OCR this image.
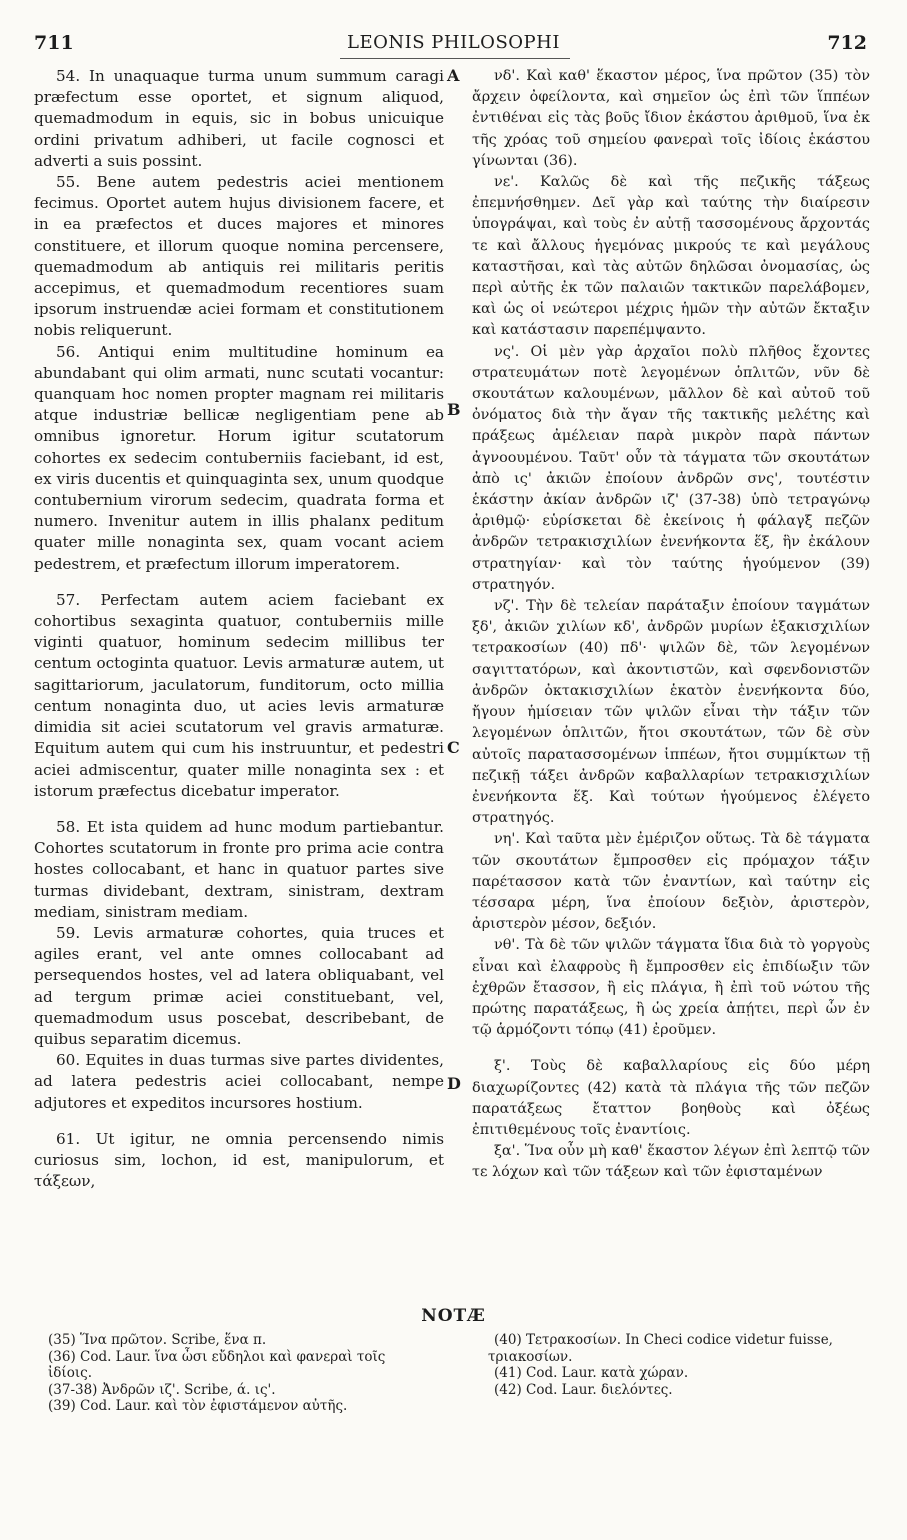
711	LEONIS PHILOSOPHI	712

54. In unaquaque turma unum summum caragi præfectum esse oportet, et signum aliquod, quemadmodum in equis, sic in bobus unicuique ordini privatum adhiberi, ut facile cognosci et adverti a suis possint.

55. Bene autem pedestris aciei mentionem fecimus. Oportet autem hujus divisionem facere, et in ea præfectos et duces majores et minores constituere, et illorum quoque nomina percensere, quemadmodum ab antiquis rei militaris peritis accepimus, et quemadmodum recentiores suam ipsorum instruendæ aciei formam et constitutionem nobis reliquerunt.

56. Antiqui enim multitudine hominum ea abundabant qui olim armati, nunc scutati vocantur: quanquam hoc nomen propter magnam rei militaris atque industriæ bellicæ negligentiam pene ab omnibus ignoretur. Horum igitur scutatorum cohortes ex sedecim contuberniis faciebant, id est, ex viris ducentis et quinquaginta sex, unum quodque contubernium virorum sedecim, quadrata forma et numero. Invenitur autem in illis phalanx peditum quater mille nonaginta sex, quam vocant aciem pedestrem, et præfectum illorum imperatorem.

57. Perfectam autem aciem faciebant ex cohortibus sexaginta quatuor, contuberniis mille viginti quatuor, hominum sedecim millibus ter centum octoginta quatuor. Levis armaturæ autem, ut sagittariorum, jaculatorum, funditorum, octo millia centum nonaginta duo, ut acies levis armaturæ dimidia sit aciei scutatorum vel gravis armaturæ. Equitum autem qui cum his instruuntur, et pedestri aciei admiscentur, quater mille nonaginta sex : et istorum præfectus dicebatur imperator.

58. Et ista quidem ad hunc modum partiebantur. Cohortes scutatorum in fronte pro prima acie contra hostes collocabant, et hanc in quatuor partes sive turmas dividebant, dextram, sinistram, dextram mediam, sinistram mediam.

59. Levis armaturæ cohortes, quia truces et agiles erant, vel ante omnes collocabant ad persequendos hostes, vel ad latera obliquabant, vel ad tergum primæ aciei constituebant, vel, quemadmodum usus poscebat, describebant, de quibus separatim dicemus.

60. Equites in duas turmas sive partes dividentes, ad latera pedestris aciei collocabant, nempe adjutores et expeditos incursores hostium.

61. Ut igitur, ne omnia percensendo nimis curiosus sim, lochon, id est, manipulorum, et τάξεων,

A
B
C
D

νδ'. Καὶ καθ' ἕκαστον μέρος, ἵνα πρῶτον (35) τὸν ἄρχειν ὀφείλοντα, καὶ σημεῖον ὡς ἐπὶ τῶν ἵππέων ἐντιθέναι εἰς τὰς βοῦς ἴδιον ἑκάστου ἀριθμοῦ, ἵνα ἐκ τῆς χρόας τοῦ σημείου φανεραὶ τοῖς ἰδίοις ἑκάστου γίνωνται (36).

νε'. Καλῶς δὲ καὶ τῆς πεζικῆς τάξεως ἐπεμνήσθημεν. Δεῖ γὰρ καὶ ταύτης τὴν διαίρεσιν ὑπογράψαι, καὶ τοὺς ἐν αὐτῇ τασσομένους ἄρχοντάς τε καὶ ἄλλους ἡγεμόνας μικρούς τε καὶ μεγάλους καταστῆσαι, καὶ τὰς αὐτῶν δηλῶσαι ὀνομασίας, ὡς περὶ αὐτῆς ἐκ τῶν παλαιῶν τακτικῶν παρελάβομεν, καὶ ὡς οἱ νεώτεροι μέχρις ἡμῶν τὴν αὐτῶν ἔκταξιν καὶ κατάστασιν παρεπέμψαντο.

νς'. Οἱ μὲν γὰρ ἀρχαῖοι πολὺ πλῆθος ἔχοντες στρατευμάτων ποτὲ λεγομένων ὁπλιτῶν, νῦν δὲ σκουτάτων καλουμένων, μᾶλλον δὲ καὶ αὐτοῦ τοῦ ὀνόματος διὰ τὴν ἄγαν τῆς τακτικῆς μελέτης καὶ πράξεως ἀμέλειαν παρὰ μικρὸν παρὰ πάντων ἀγνοουμένου. Ταῦτ' οὖν τὰ τάγματα τῶν σκουτάτων ἀπὸ ις' ἀκιῶν ἐποίουν ἀνδρῶν σνς', τουτέστιν ἑκάστην ἀκίαν ἀνδρῶν ιζ' (37-38) ὑπὸ τετραγώνῳ ἀριθμῷ· εὑρίσκεται δὲ ἐκείνοις ἡ φάλαγξ πεζῶν ἀνδρῶν τετρακισχιλίων ἐνενήκοντα ἕξ, ἣν ἐκάλουν στρατηγίαν· καὶ τὸν ταύτης ἡγούμενον (39) στρατηγόν.

νζ'. Τὴν δὲ τελείαν παράταξιν ἐποίουν ταγμάτων ξδ', ἀκιῶν χιλίων κδ', ἀνδρῶν μυρίων ἑξακισχιλίων τετρακοσίων (40) πδ'· ψιλῶν δὲ, τῶν λεγομένων σαγιττατόρων, καὶ ἀκοντιστῶν, καὶ σφενδονιστῶν ἀνδρῶν ὀκτακισχιλίων ἑκατὸν ἐνενήκοντα δύο, ἤγουν ἡμίσειαν τῶν ψιλῶν εἶναι τὴν τάξιν τῶν λεγομένων ὁπλιτῶν, ἤτοι σκουτάτων, τῶν δὲ σὺν αὐτοῖς παρατασσομένων ἱππέων, ἤτοι συμμίκτων τῇ πεζικῇ τάξει ἀνδρῶν καβαλλαρίων τετρακισχιλίων ἐνενήκοντα ἕξ. Καὶ τούτων ἡγούμενος ἐλέγετο στρατηγός.

νη'. Καὶ ταῦτα μὲν ἐμέριζον οὕτως. Τὰ δὲ τάγματα τῶν σκουτάτων ἔμπροσθεν εἰς πρόμαχον τάξιν παρέτασσον κατὰ τῶν ἐναντίων, καὶ ταύτην εἰς τέσσαρα μέρη, ἵνα ἐποίουν δεξιὸν, ἀριστερὸν, ἀριστερὸν μέσον, δεξιόν.

νθ'. Τὰ δὲ τῶν ψιλῶν τάγματα ἴδια διὰ τὸ γοργοὺς εἶναι καὶ ἐλαφροὺς ἢ ἔμπροσθεν εἰς ἐπιδίωξιν τῶν ἐχθρῶν ἔτασσον, ἢ εἰς πλάγια, ἢ ἐπὶ τοῦ νώτου τῆς πρώτης παρατάξεως, ἢ ὡς χρεία ἀπῄτει, περὶ ὧν ἐν τῷ ἁρμόζοντι τόπῳ (41) ἐροῦμεν.

ξ'. Τοὺς δὲ καβαλλαρίους εἰς δύο μέρη διαχωρίζοντες (42) κατὰ τὰ πλάγια τῆς τῶν πεζῶν παρατάξεως ἔταττον βοηθοὺς καὶ ὀξέως ἐπιτιθεμένους τοῖς ἐναντίοις.

ξα'. Ἵνα οὖν μὴ καθ' ἕκαστον λέγων ἐπὶ λεπτῷ τῶν τε λόχων καὶ τῶν τάξεων καὶ τῶν ἐφισταμένων

NOTÆ

(35) Ἵνα πρῶτον. Scribe, ἕνα π.

(36) Cod. Laur. ἵνα ὦσι εὔδηλοι καὶ φανεραὶ τοῖς

ἰδίοις.

(37-38) Ἀνδρῶν ιζ'. Scribe, ά. ις'.

(39) Cod. Laur. καὶ τὸν ἐφιστάμενον αὐτῆς.

(40) Τετρακοσίων. In Checi codice videtur fuisse, τριακοσίων.

(41) Cod. Laur. κατὰ χώραν.

(42) Cod. Laur. διελόντες.
